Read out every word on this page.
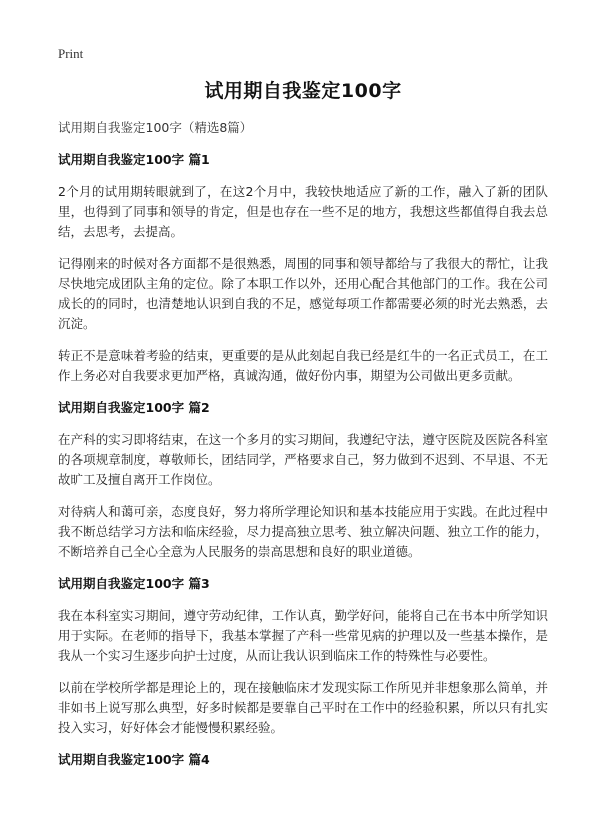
Print
试用期自我鉴定100字
试用期自我鉴定100字（精选8篇）
试用期自我鉴定100字 篇1

2个月的试用期转眼就到了，在这2个月中，我较快地适应了新的工作，融入了新的团队里，也得到了同事和领导的肯定，但是也存在一些不足的地方，我想这些都值得自我去总结，去思考，去提高。

记得刚来的时候对各方面都不是很熟悉，周围的同事和领导都给与了我很大的帮忙，让我尽快地完成团队主角的定位。除了本职工作以外，还用心配合其他部门的工作。我在公司成长的的同时，也清楚地认识到自我的不足，感觉每项工作都需要必须的时光去熟悉，去沉淀。

转正不是意味着考验的结束，更重要的是从此刻起自我已经是红牛的一名正式员工，在工作上务必对自我要求更加严格，真诚沟通，做好份内事，期望为公司做出更多贡献。

试用期自我鉴定100字 篇2

在产科的实习即将结束，在这一个多月的实习期间，我遵纪守法，遵守医院及医院各科室的各项规章制度，尊敬师长，团结同学，严格要求自己，努力做到不迟到、不早退、不无故旷工及擅自离开工作岗位。

对待病人和蔼可亲，态度良好，努力将所学理论知识和基本技能应用于实践。在此过程中我不断总结学习方法和临床经验，尽力提高独立思考、独立解决问题、独立工作的能力，不断培养自己全心全意为人民服务的崇高思想和良好的职业道德。

试用期自我鉴定100字 篇3

我在本科室实习期间，遵守劳动纪律，工作认真，勤学好问，能将自己在书本中所学知识用于实际。在老师的指导下，我基本掌握了产科一些常见病的护理以及一些基本操作，是我从一个实习生逐步向护士过度，从而让我认识到临床工作的特殊性与必要性。

以前在学校所学都是理论上的，现在接触临床才发现实际工作所见并非想象那么简单，并非如书上说写那么典型，好多时候都是要靠自己平时在工作中的经验积累，所以只有扎实投入实习，好好体会才能慢慢积累经验。

试用期自我鉴定100字 篇4
